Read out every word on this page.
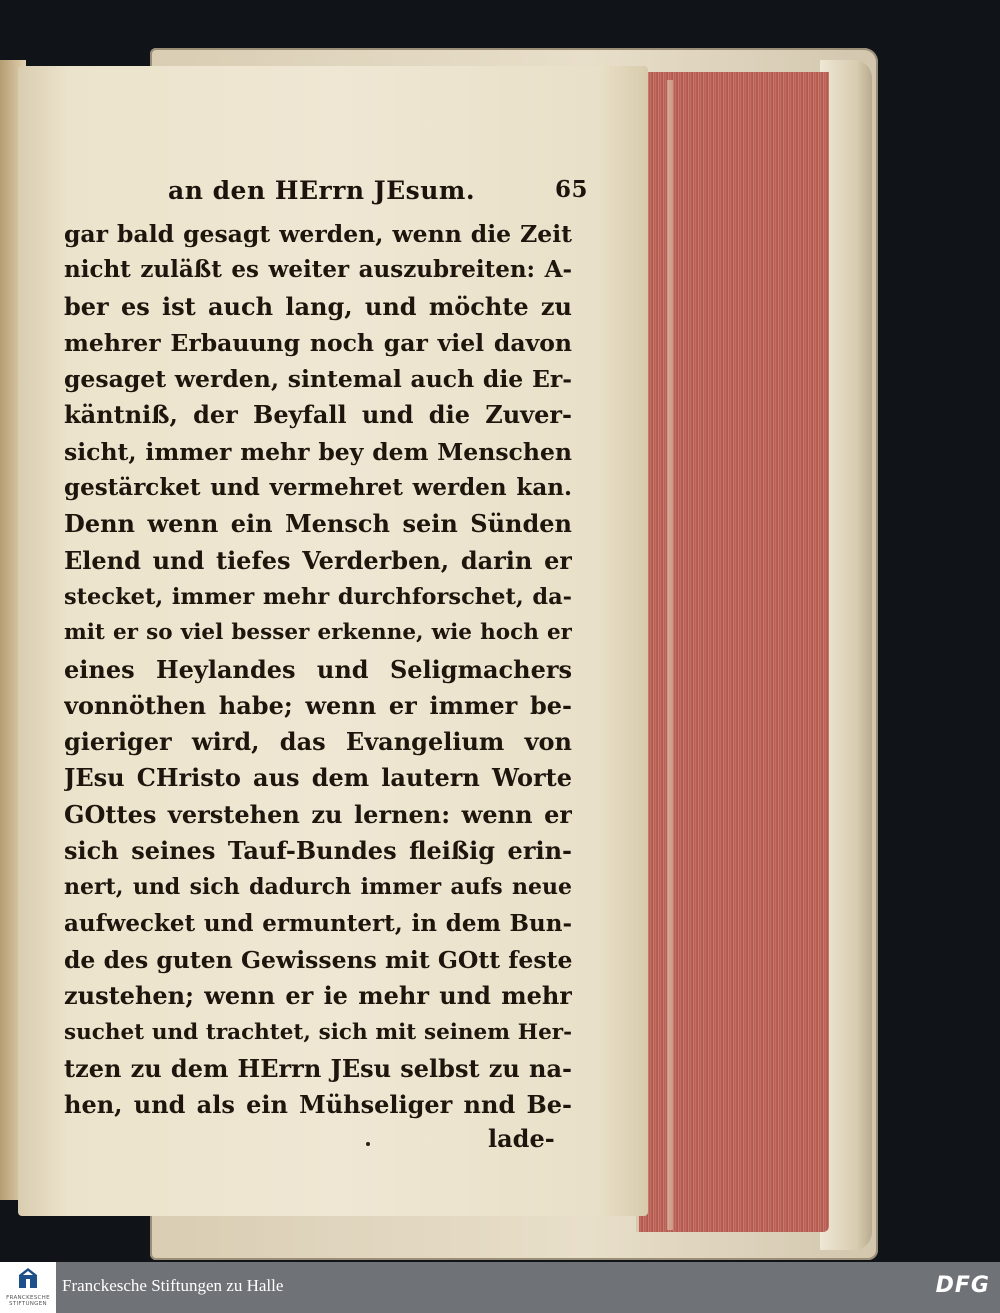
an den HErrn JEsum.	65
gar bald gesagt werden, wenn die Zeit
nicht zuläßt es weiter auszubreiten: A-
ber es ist auch lang, und möchte zu
mehrer Erbauung noch gar viel davon
gesaget werden, sintemal auch die Er-
käntniß, der Beyfall und die Zuver-
sicht, immer mehr bey dem Menschen
gestärcket und vermehret werden kan.
Denn wenn ein Mensch sein Sünden
Elend und tiefes Verderben, darin er
stecket, immer mehr durchforschet, da-
mit er so viel besser erkenne, wie hoch er
eines Heylandes und Seligmachers
vonnöthen habe; wenn er immer be-
gieriger wird, das Evangelium von
JEsu CHristo aus dem lautern Worte
GOttes verstehen zu lernen: wenn er
sich seines Tauf-Bundes fleißig erin-
nert, und sich dadurch immer aufs neue
aufwecket und ermuntert, in dem Bun-
de des guten Gewissens mit GOtt feste
zustehen; wenn er ie mehr und mehr
suchet und trachtet, sich mit seinem Her-
tzen zu dem HErrn JEsu selbst zu na-
hen, und als ein Mühseliger nnd Be-
lade-
FRANCKESCHE STIFTUNGEN
Franckesche Stiftungen zu Halle	DFG
